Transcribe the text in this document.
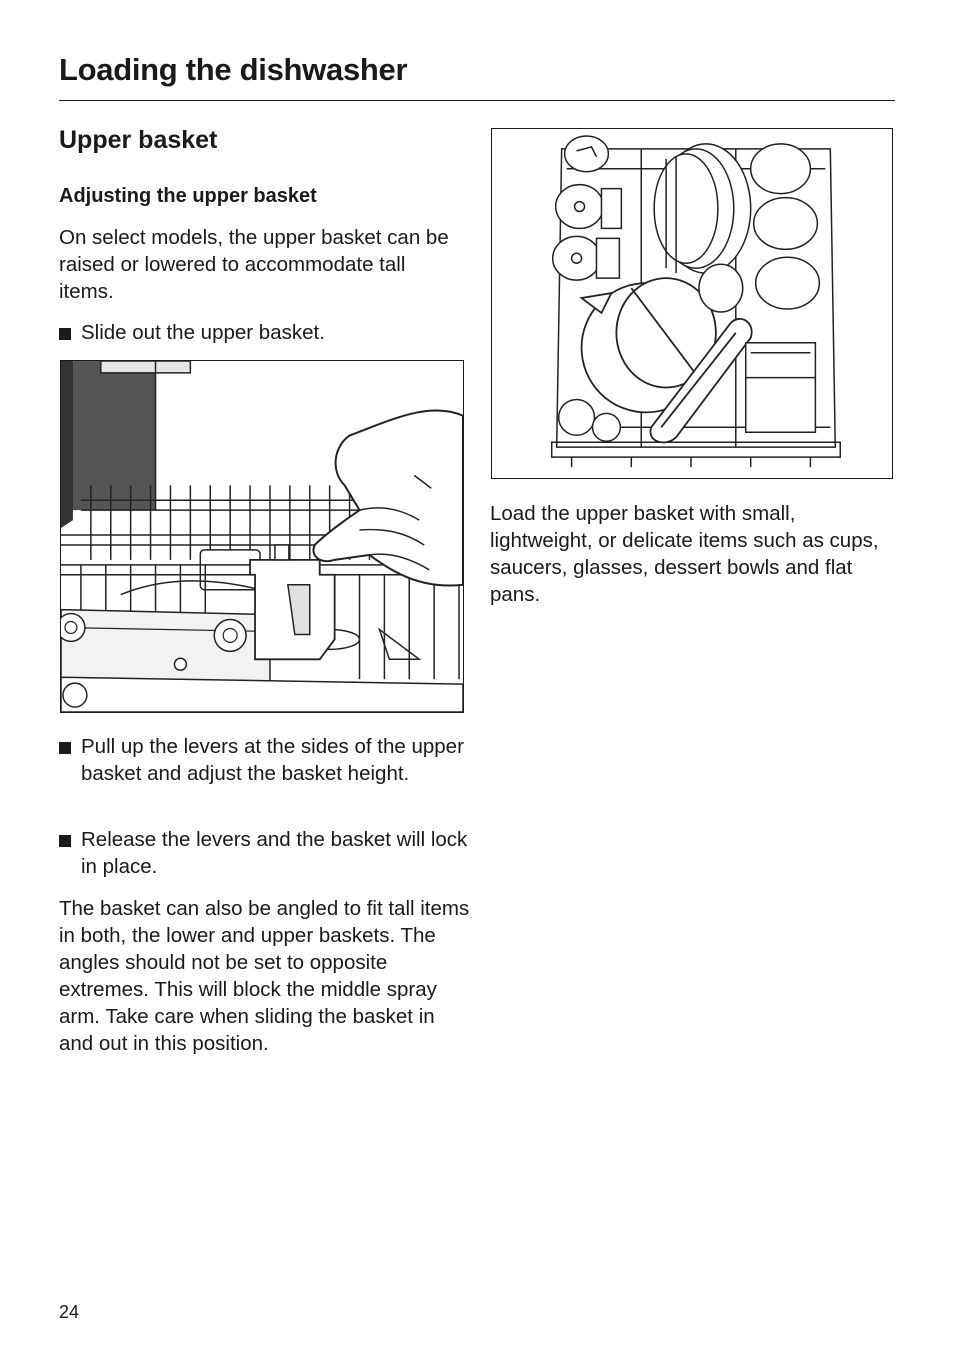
Loading the dishwasher
Upper basket
Adjusting the upper basket

On select models, the upper basket can be raised or lowered to accommodate tall items.

Slide out the upper basket.
Pull up the levers at the sides of the upper basket and adjust the basket height.
Release the levers and the basket will lock in place.

The basket can also be angled to fit tall items in both, the lower and upper baskets. The angles should not be set to opposite extremes. This will block the middle spray arm. Take care when sliding the basket in and out in this position.

Load the upper basket with small, lightweight, or delicate items such as cups, saucers, glasses, dessert bowls and flat pans.

24
